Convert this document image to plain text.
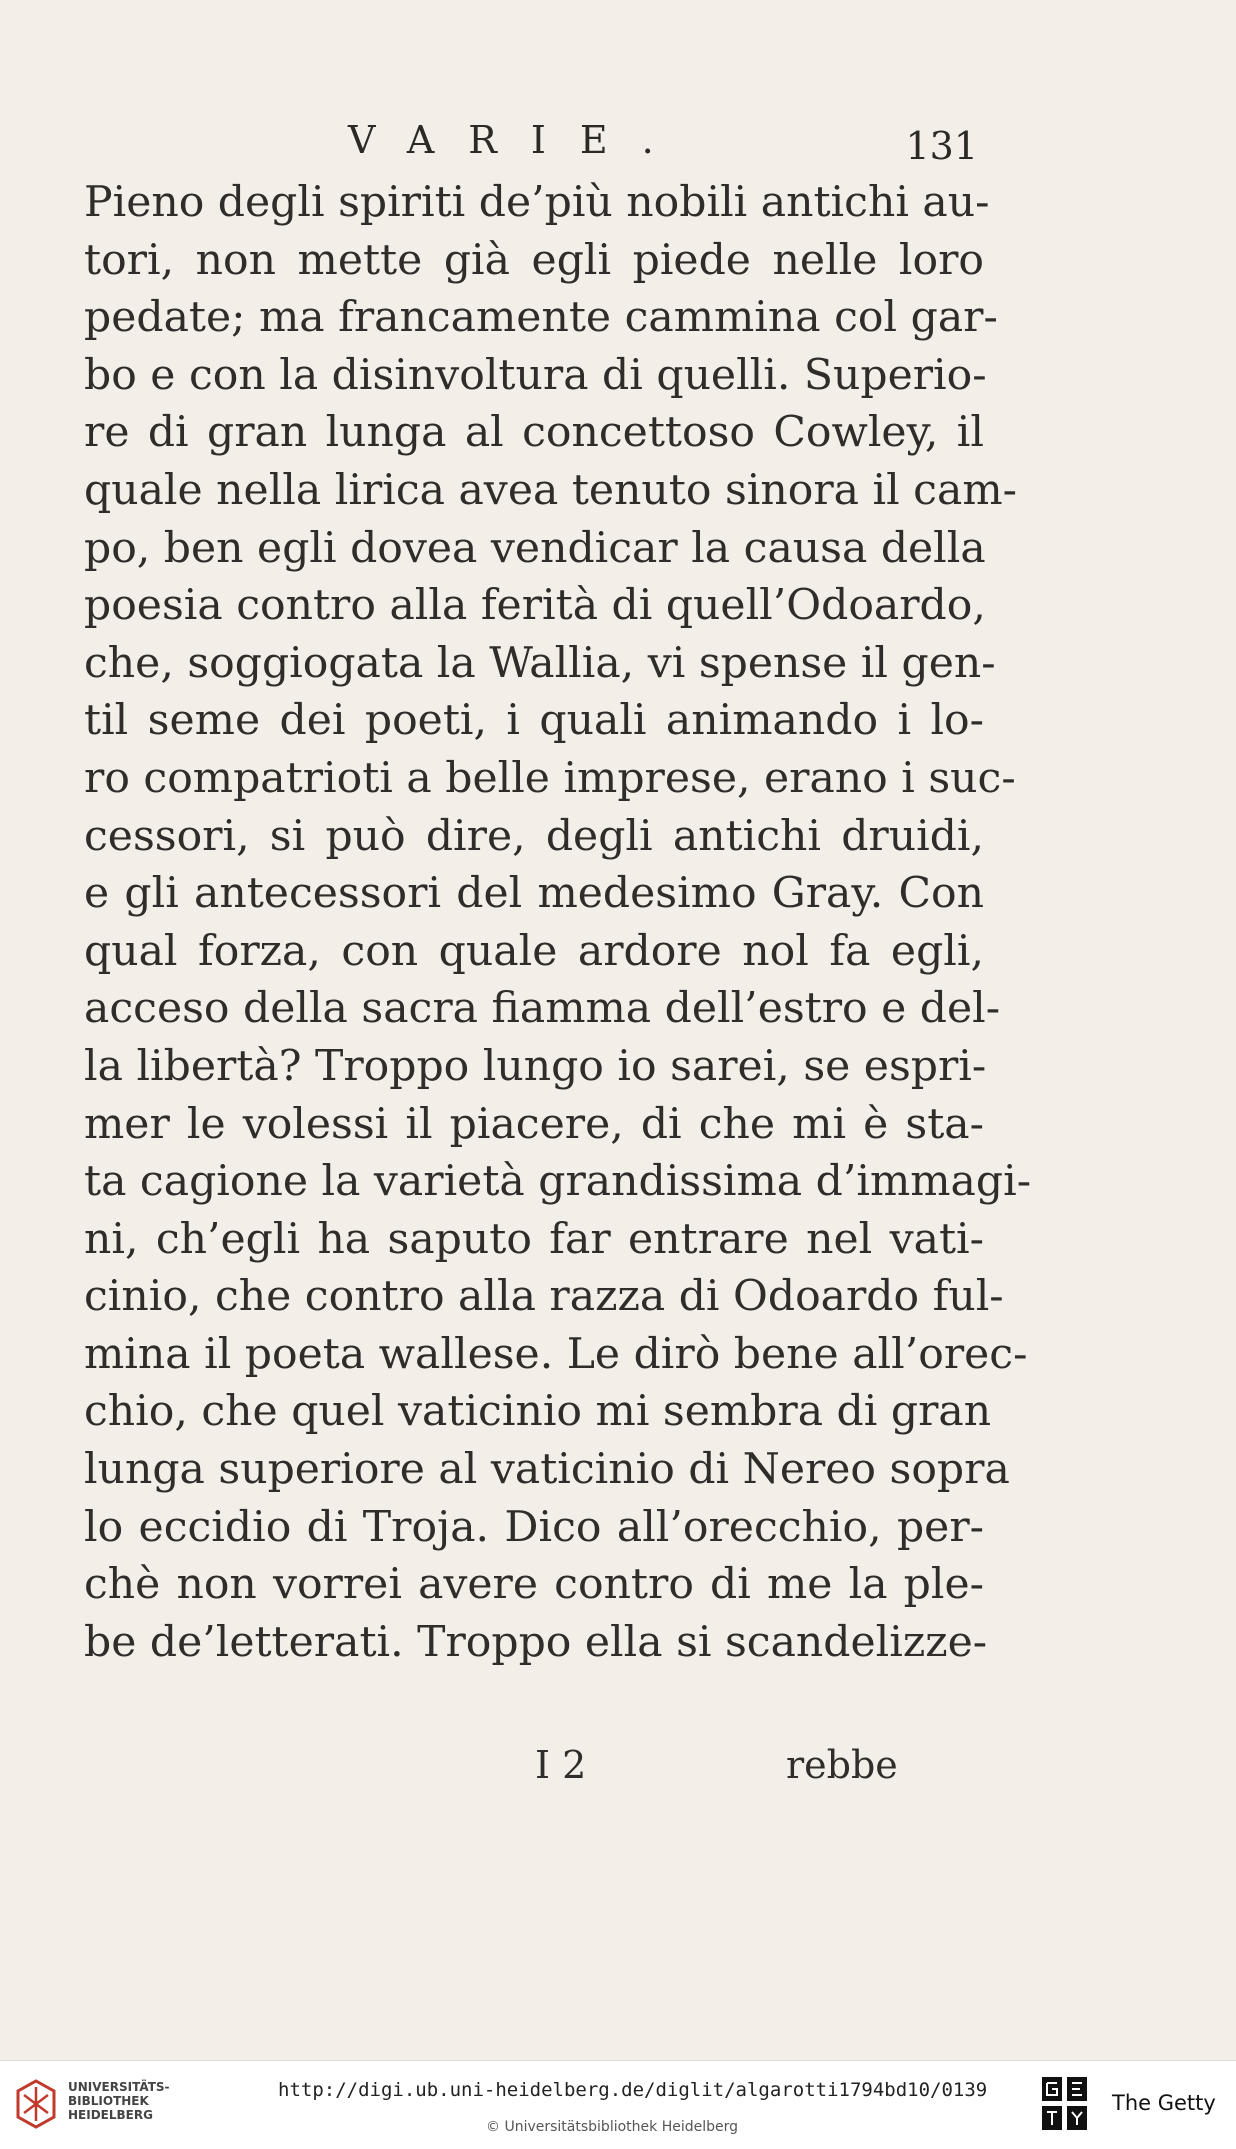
VARIE.	131
Pieno degli spiriti de’più nobili antichi au-
tori, non mette già egli piede nelle loro
pedate; ma francamente cammina col gar-
bo e con la disinvoltura di quelli. Superio-
re di gran lunga al concettoso Cowley, il
quale nella lirica avea tenuto sinora il cam-
po, ben egli dovea vendicar la causa della
poesia contro alla ferità di quell’Odoardo,
che, soggiogata la Wallia, vi spense il gen-
til seme dei poeti, i quali animando i lo-
ro compatrioti a belle imprese, erano i suc-
cessori, si può dire, degli antichi druidi,
e gli antecessori del medesimo Gray. Con
qual forza, con quale ardore nol fa egli,
acceso della sacra fiamma dell’estro e del-
la libertà? Troppo lungo io sarei, se espri-
mer le volessi il piacere, di che mi è sta-
ta cagione la varietà grandissima d’immagi-
ni, ch’egli ha saputo far entrare nel vati-
cinio, che contro alla razza di Odoardo ful-
mina il poeta wallese. Le dirò bene all’orec-
chio, che quel vaticinio mi sembra di gran
lunga superiore al vaticinio di Nereo sopra
lo eccidio di Troja. Dico all’orecchio, per-
chè non vorrei avere contro di me la ple-
be de’letterati. Troppo ella si scandelizze-
I 2	rebbe
UNIVERSITÄTS-
BIBLIOTHEK
HEIDELBERG
http://digi.ub.uni-heidelberg.de/diglit/algarotti1794bd10/0139
© Universitätsbibliothek Heidelberg
The Getty
